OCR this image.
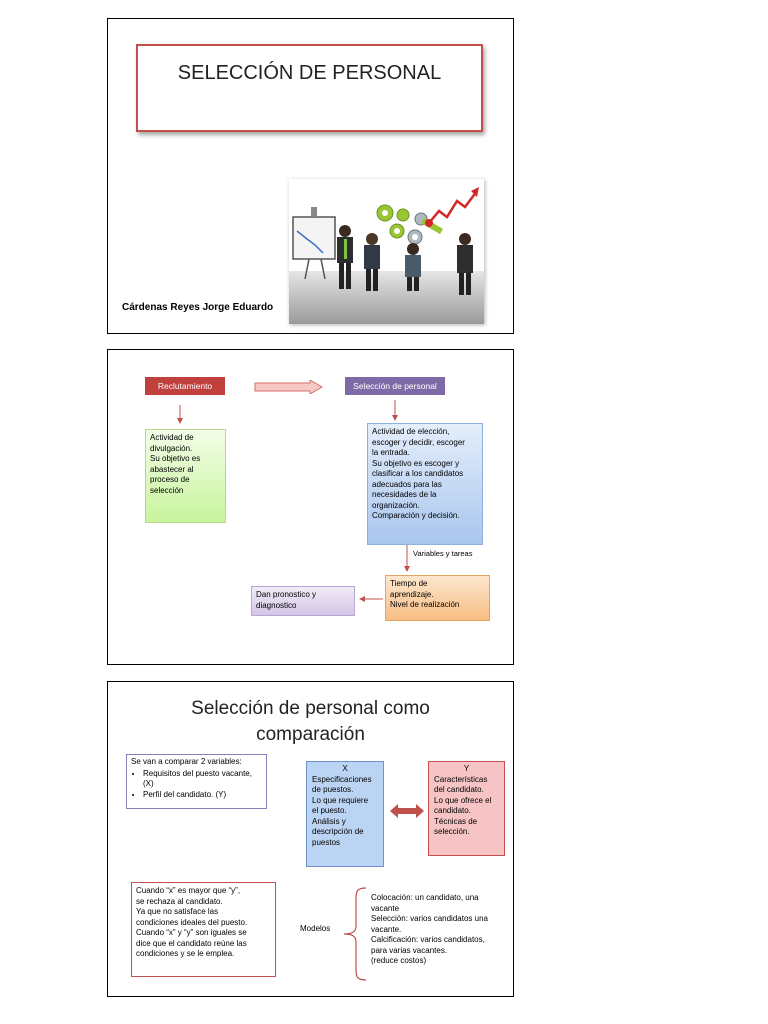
SELECCIÓN DE PERSONAL
Cárdenas Reyes Jorge Eduardo
Reclutamiento	Selección de personal
Actividad de
divulgación.
Su objetivo es
abastecer al
proceso de
selección
Actividad de elección,
escoger y decidir, escoger
la entrada.
Su objetivo es escoger y
clasificar a los candidatos
adecuados para las
necesidades de la
organización.
Comparación y decisión.
Variables y tareas
Tiempo de
aprendizaje.
Nivel de realización
Dan pronostico y
diagnostico
Selección de personal como
comparación
Se van a comparar 2 variables:
• Requisitos del puesto vacante, (X)
• Perfil del candidato. (Y)
X
Especificaciones
de puestos.
Lo que requiere
el puesto.
Análisis y
descripción de
puestos
Y
Características
del candidato.
Lo que ofrece el
candidato.
Técnicas de
selección.
Cuando “x” es mayor que “y”,
se rechaza al candidato.
Ya que no satisface las
condiciones ideales del puesto.
Cuando “x” y “y” son iguales se
dice que el candidato reúne las
condiciones y se le emplea.
Modelos
Colocación: un candidato, una
vacante
Selección: varios candidatos una
vacante.
Calcificación: varios candidatos,
para varias vacantes.
(reduce costos)
